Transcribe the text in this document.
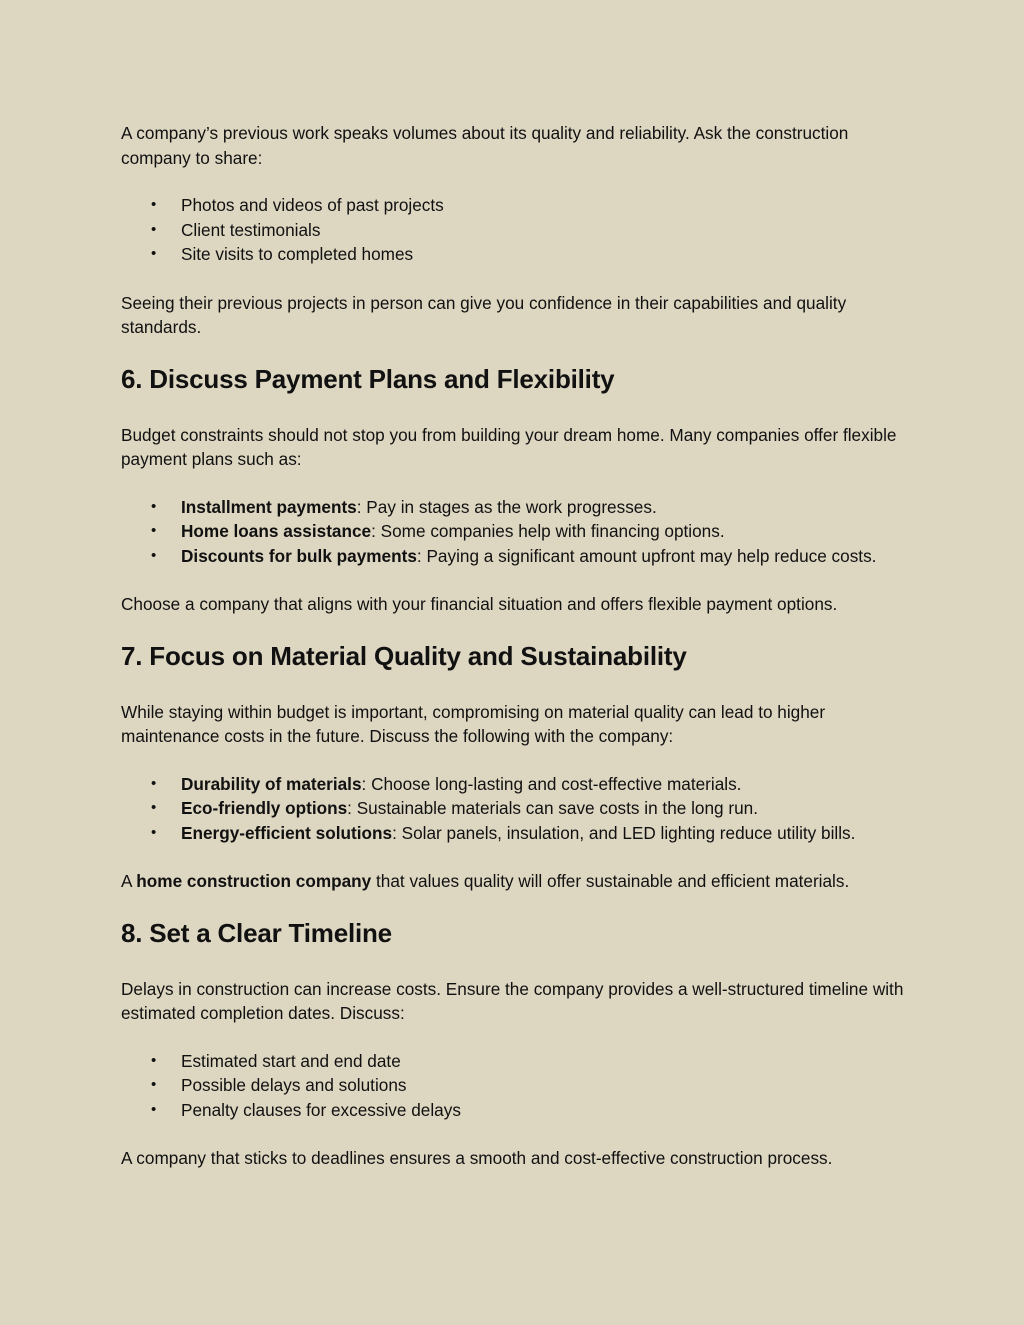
A company’s previous work speaks volumes about its quality and reliability. Ask the construction company to share:

• Photos and videos of past projects
• Client testimonials
• Site visits to completed homes

Seeing their previous projects in person can give you confidence in their capabilities and quality standards.

6. Discuss Payment Plans and Flexibility

Budget constraints should not stop you from building your dream home. Many companies offer flexible payment plans such as:

• Installment payments: Pay in stages as the work progresses.
• Home loans assistance: Some companies help with financing options.
• Discounts for bulk payments: Paying a significant amount upfront may help reduce costs.

Choose a company that aligns with your financial situation and offers flexible payment options.

7. Focus on Material Quality and Sustainability

While staying within budget is important, compromising on material quality can lead to higher maintenance costs in the future. Discuss the following with the company:

• Durability of materials: Choose long-lasting and cost-effective materials.
• Eco-friendly options: Sustainable materials can save costs in the long run.
• Energy-efficient solutions: Solar panels, insulation, and LED lighting reduce utility bills.

A home construction company that values quality will offer sustainable and efficient materials.

8. Set a Clear Timeline

Delays in construction can increase costs. Ensure the company provides a well-structured timeline with estimated completion dates. Discuss:

• Estimated start and end date
• Possible delays and solutions
• Penalty clauses for excessive delays

A company that sticks to deadlines ensures a smooth and cost-effective construction process.
